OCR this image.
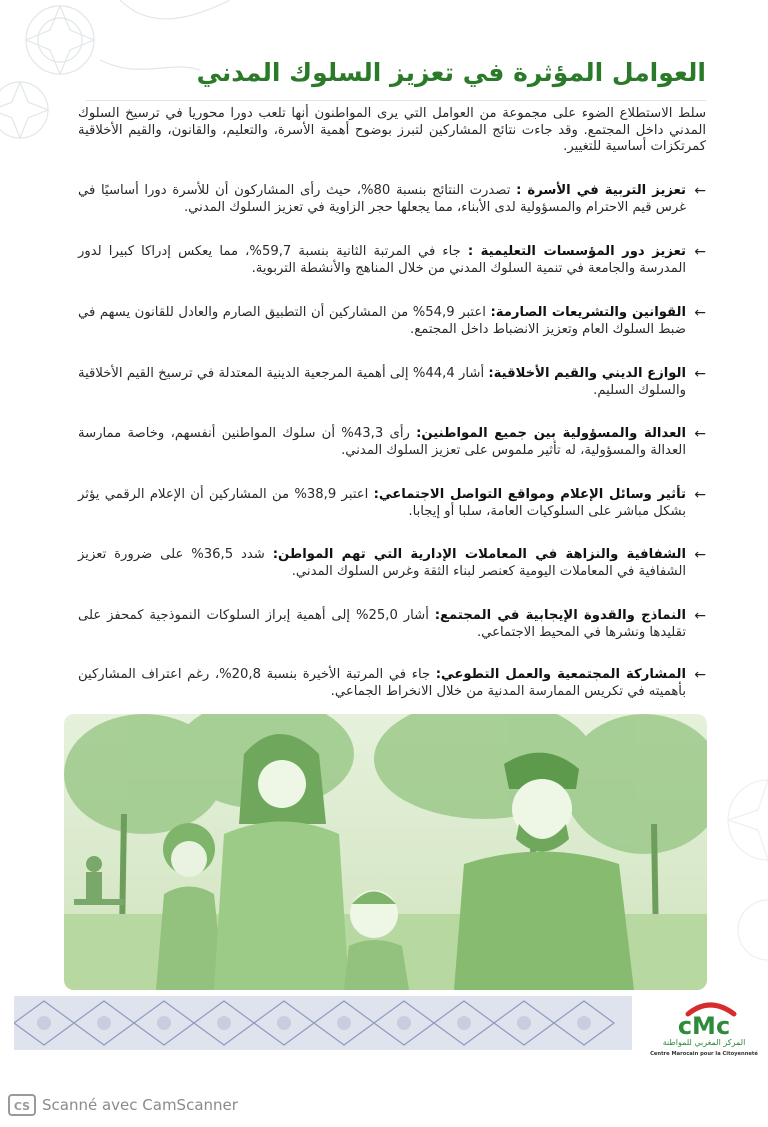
العوامل المؤثرة في تعزيز السلوك المدني

سلط الاستطلاع الضوء على مجموعة من العوامل التي يرى المواطنون أنها تلعب دورا محوريا في ترسيخ السلوك المدني داخل المجتمع. وقد جاءت نتائج المشاركين لتبرز بوضوح أهمية الأسرة، والتعليم، والقانون، والقيم الأخلاقية كمرتكزات أساسية للتغيير.

←
تعزيز التربية في الأسرة : تصدرت النتائج بنسبة 80%، حيث رأى المشاركون أن للأسرة دورا أساسيًا في غرس قيم الاحترام والمسؤولية لدى الأبناء، مما يجعلها حجر الزاوية في تعزيز السلوك المدني.
←
تعزيز دور المؤسسات التعليمية : جاء في المرتبة الثانية بنسبة 59,7%، مما يعكس إدراكا كبيرا لدور المدرسة والجامعة في تنمية السلوك المدني من خلال المناهج والأنشطة التربوية.
←
القوانين والتشريعات الصارمة: اعتبر 54,9% من المشاركين أن التطبيق الصارم والعادل للقانون يسهم في ضبط السلوك العام وتعزيز الانضباط داخل المجتمع.
←
الوازع الديني والقيم الأخلاقية: أشار 44,4% إلى أهمية المرجعية الدينية المعتدلة في ترسيخ القيم الأخلاقية والسلوك السليم.
←
العدالة والمسؤولية بين جميع المواطنين: رأى 43,3% أن سلوك المواطنين أنفسهم، وخاصة ممارسة العدالة والمسؤولية، له تأثير ملموس على تعزيز السلوك المدني.
←
تأثير وسائل الإعلام ومواقع التواصل الاجتماعي: اعتبر 38,9% من المشاركين أن الإعلام الرقمي يؤثر بشكل مباشر على السلوكيات العامة، سلبا أو إيجابا.
←
الشفافية والنزاهة في المعاملات الإدارية التي تهم المواطن: شدد 36,5% على ضرورة تعزيز الشفافية في المعاملات اليومية كعنصر لبناء الثقة وغرس السلوك المدني.
←
النماذج والقدوة الإيجابية في المجتمع: أشار 25,0% إلى أهمية إبراز السلوكات النموذجية كمحفز على تقليدها ونشرها في المحيط الاجتماعي.
←
المشاركة المجتمعية والعمل التطوعي: جاء في المرتبة الأخيرة بنسبة 20,8%، رغم اعتراف المشاركين بأهميته في تكريس الممارسة المدنية من خلال الانخراط الجماعي.
cMc
المركز المغربي للمواطنة
Centre Marocain pour la Citoyenneté
CS Scanné avec CamScanner
